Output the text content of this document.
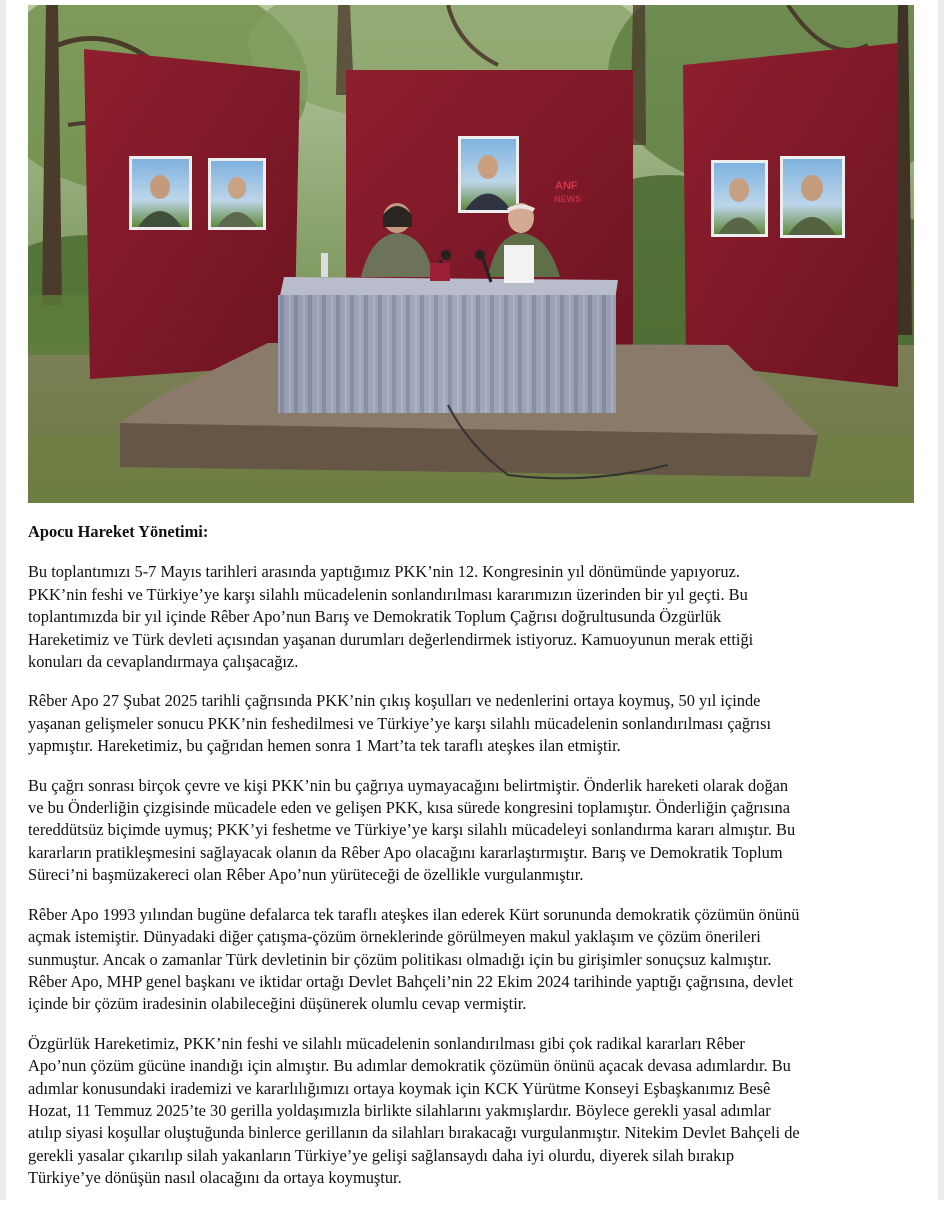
ANF
NEWS
Apocu Hareket Yönetimi:
Bu toplantımızı 5-7 Mayıs tarihleri arasında yaptığımız PKK’nin 12. Kongresinin yıl dönümünde yapıyoruz.
PKK’nin feshi ve Türkiye’ye karşı silahlı mücadelenin sonlandırılması kararımızın üzerinden bir yıl geçti. Bu
toplantımızda bir yıl içinde Rêber Apo’nun Barış ve Demokratik Toplum Çağrısı doğrultusunda Özgürlük
Hareketimiz ve Türk devleti açısından yaşanan durumları değerlendirmek istiyoruz. Kamuoyunun merak ettiği
konuları da cevaplandırmaya çalışacağız.
Rêber Apo 27 Şubat 2025 tarihli çağrısında PKK’nin çıkış koşulları ve nedenlerini ortaya koymuş, 50 yıl içinde
yaşanan gelişmeler sonucu PKK’nin feshedilmesi ve Türkiye’ye karşı silahlı mücadelenin sonlandırılması çağrısı
yapmıştır. Hareketimiz, bu çağrıdan hemen sonra 1 Mart’ta tek taraflı ateşkes ilan etmiştir.
Bu çağrı sonrası birçok çevre ve kişi PKK’nin bu çağrıya uymayacağını belirtmiştir. Önderlik hareketi olarak doğan
ve bu Önderliğin çizgisinde mücadele eden ve gelişen PKK, kısa sürede kongresini toplamıştır. Önderliğin çağrısına
tereddütsüz biçimde uymuş; PKK’yi feshetme ve Türkiye’ye karşı silahlı mücadeleyi sonlandırma kararı almıştır. Bu
kararların pratikleşmesini sağlayacak olanın da Rêber Apo olacağını kararlaştırmıştır. Barış ve Demokratik Toplum
Süreci’ni başmüzakereci olan Rêber Apo’nun yürüteceği de özellikle vurgulanmıştır.
Rêber Apo 1993 yılından bugüne defalarca tek taraflı ateşkes ilan ederek Kürt sorununda demokratik çözümün önünü
açmak istemiştir. Dünyadaki diğer çatışma-çözüm örneklerinde görülmeyen makul yaklaşım ve çözüm önerileri
sunmuştur. Ancak o zamanlar Türk devletinin bir çözüm politikası olmadığı için bu girişimler sonuçsuz kalmıştır.
Rêber Apo, MHP genel başkanı ve iktidar ortağı Devlet Bahçeli’nin 22 Ekim 2024 tarihinde yaptığı çağrısına, devlet
içinde bir çözüm iradesinin olabileceğini düşünerek olumlu cevap vermiştir.
Özgürlük Hareketimiz, PKK’nin feshi ve silahlı mücadelenin sonlandırılması gibi çok radikal kararları Rêber
Apo’nun çözüm gücüne inandığı için almıştır. Bu adımlar demokratik çözümün önünü açacak devasa adımlardır. Bu
adımlar konusundaki irademizi ve kararlılığımızı ortaya koymak için KCK Yürütme Konseyi Eşbaşkanımız Besê
Hozat, 11 Temmuz 2025’te 30 gerilla yoldaşımızla birlikte silahlarını yakmışlardır. Böylece gerekli yasal adımlar
atılıp siyasi koşullar oluştuğunda binlerce gerillanın da silahları bırakacağı vurgulanmıştır. Nitekim Devlet Bahçeli de
gerekli yasalar çıkarılıp silah yakanların Türkiye’ye gelişi sağlansaydı daha iyi olurdu, diyerek silah bırakıp
Türkiye’ye dönüşün nasıl olacağını da ortaya koymuştur.
